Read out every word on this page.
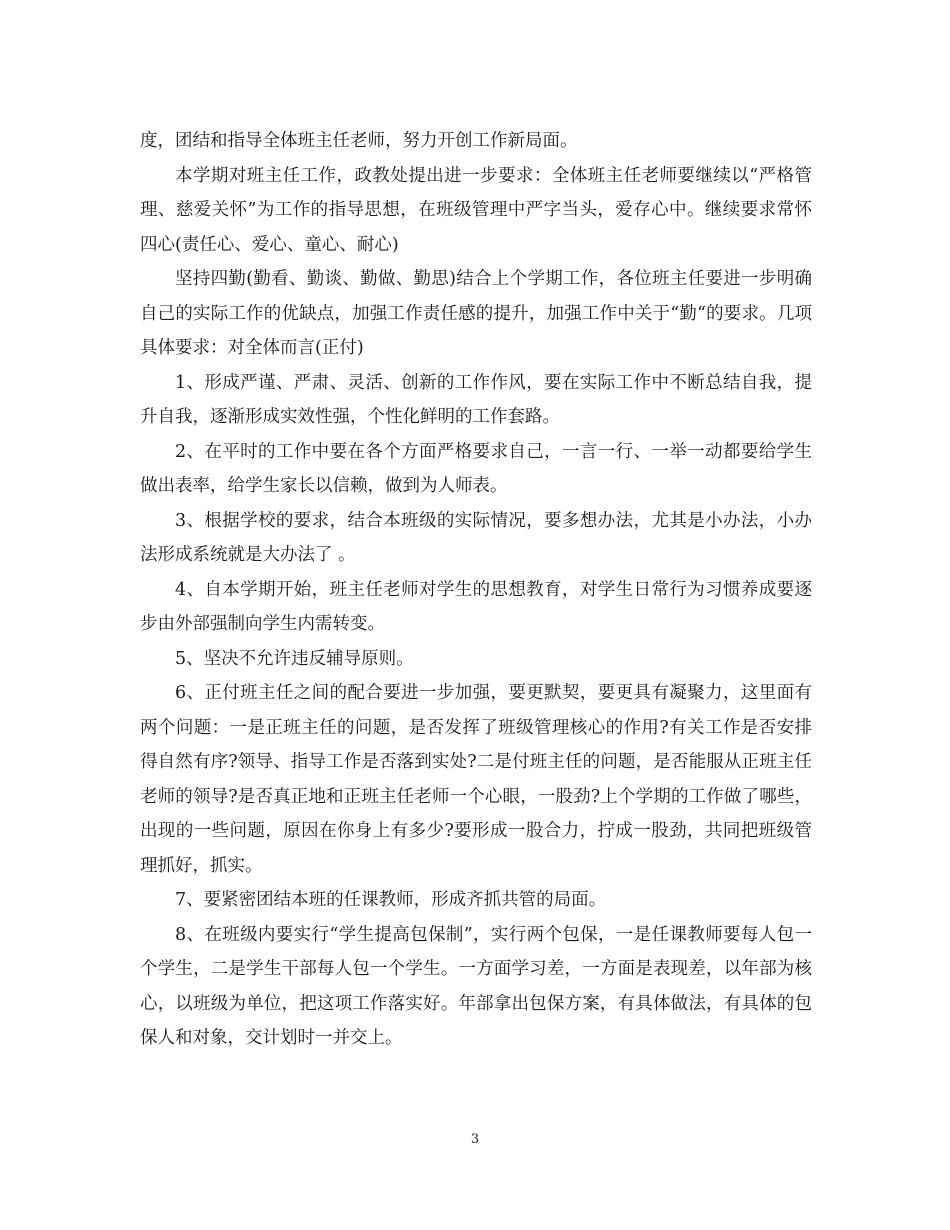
度，团结和指导全体班主任老师，努力开创工作新局面。

本学期对班主任工作，政教处提出进一步要求：全体班主任老师要继续以“严格管理、慈爱关怀”为工作的指导思想，在班级管理中严字当头，爱存心中。继续要求常怀四心(责任心、爱心、童心、耐心)

坚持四勤(勤看、勤谈、勤做、勤思)结合上个学期工作，各位班主任要进一步明确自己的实际工作的优缺点，加强工作责任感的提升，加强工作中关于“勤“的要求。几项具体要求：对全体而言(正付)

1、形成严谨、严肃、灵活、创新的工作作风，要在实际工作中不断总结自我，提升自我，逐渐形成实效性强，个性化鲜明的工作套路。

2、在平时的工作中要在各个方面严格要求自己，一言一行、一举一动都要给学生做出表率，给学生家长以信赖，做到为人师表。

3、根据学校的要求，结合本班级的实际情况，要多想办法，尤其是小办法，小办法形成系统就是大办法了 。

4、自本学期开始，班主任老师对学生的思想教育，对学生日常行为习惯养成要逐步由外部强制向学生内需转变。

5、坚决不允许违反辅导原则。

6、正付班主任之间的配合要进一步加强，要更默契，要更具有凝聚力，这里面有两个问题：一是正班主任的问题，是否发挥了班级管理核心的作用?有关工作是否安排得自然有序?领导、指导工作是否落到实处?二是付班主任的问题，是否能服从正班主任老师的领导?是否真正地和正班主任老师一个心眼，一股劲?上个学期的工作做了哪些，出现的一些问题，原因在你身上有多少?要形成一股合力，拧成一股劲，共同把班级管理抓好，抓实。

7、要紧密团结本班的任课教师，形成齐抓共管的局面。

8、在班级内要实行“学生提高包保制”，实行两个包保，一是任课教师要每人包一个学生，二是学生干部每人包一个学生。一方面学习差，一方面是表现差，以年部为核心，以班级为单位，把这项工作落实好。年部拿出包保方案，有具体做法，有具体的包保人和对象，交计划时一并交上。

3
